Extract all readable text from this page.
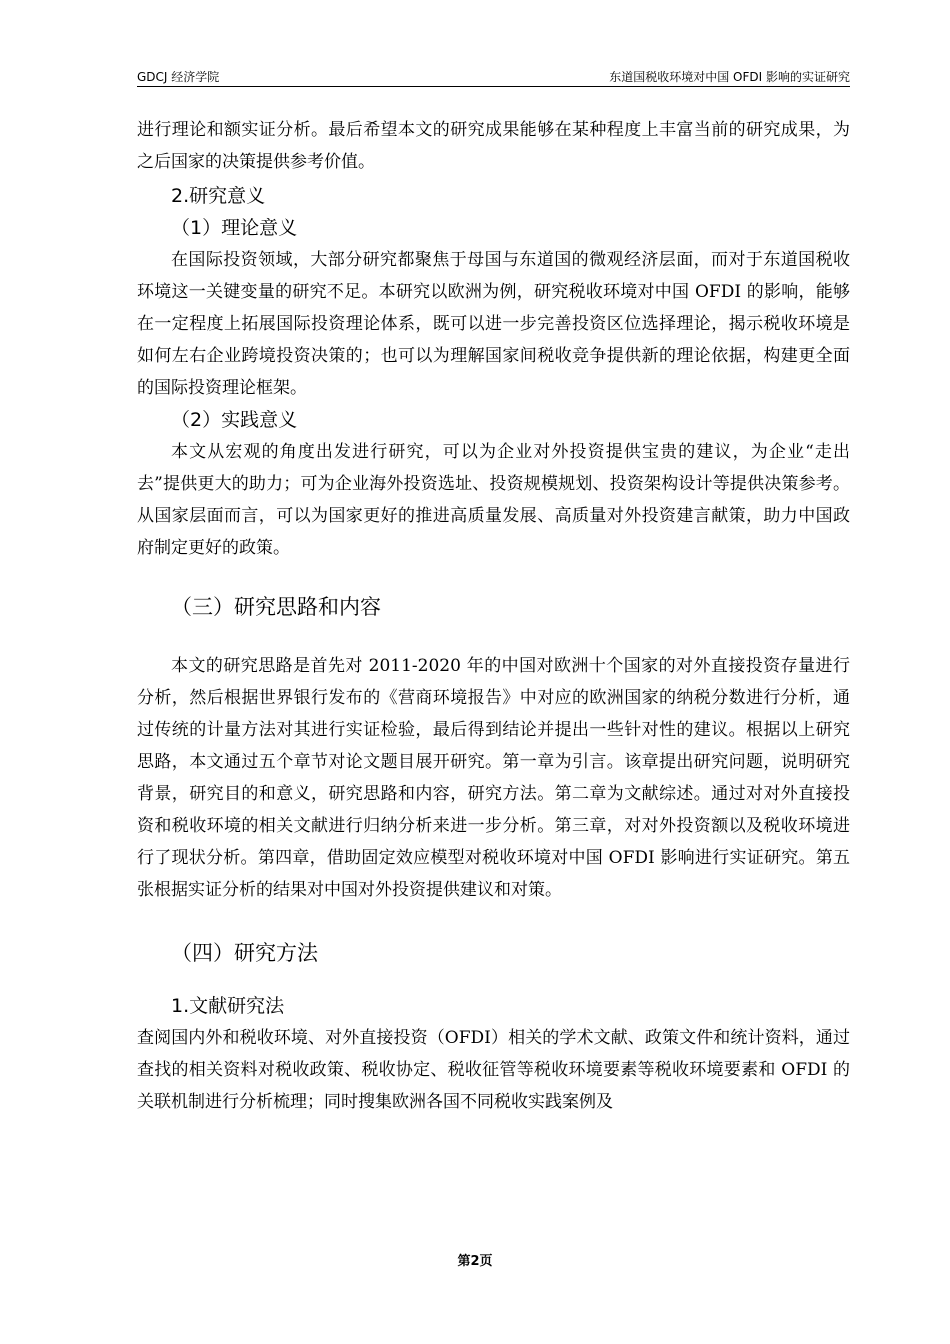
GDCJ 经济学院	东道国税收环境对中国 OFDI 影响的实证研究

进行理论和额实证分析。最后希望本文的研究成果能够在某种程度上丰富当前的研究成果，为之后国家的决策提供参考价值。

2.研究意义
（1）理论意义

在国际投资领域，大部分研究都聚焦于母国与东道国的微观经济层面，而对于东道国税收环境这一关键变量的研究不足。本研究以欧洲为例，研究税收环境对中国 OFDI 的影响，能够在一定程度上拓展国际投资理论体系，既可以进一步完善投资区位选择理论，揭示税收环境是如何左右企业跨境投资决策的；也可以为理解国家间税收竞争提供新的理论依据，构建更全面的国际投资理论框架。

（2）实践意义

本文从宏观的角度出发进行研究，可以为企业对外投资提供宝贵的建议，为企业“走出去”提供更大的助力；可为企业海外投资选址、投资规模规划、投资架构设计等提供决策参考。从国家层面而言，可以为国家更好的推进高质量发展、高质量对外投资建言献策，助力中国政府制定更好的政策。

（三）研究思路和内容

本文的研究思路是首先对 2011-2020 年的中国对欧洲十个国家的对外直接投资存量进行分析，然后根据世界银行发布的《营商环境报告》中对应的欧洲国家的纳税分数进行分析，通过传统的计量方法对其进行实证检验，最后得到结论并提出一些针对性的建议。根据以上研究思路，本文通过五个章节对论文题目展开研究。第一章为引言。该章提出研究问题，说明研究背景，研究目的和意义，研究思路和内容，研究方法。第二章为文献综述。通过对对外直接投资和税收环境的相关文献进行归纳分析来进一步分析。第三章，对对外投资额以及税收环境进行了现状分析。第四章，借助固定效应模型对税收环境对中国 OFDI 影响进行实证研究。第五张根据实证分析的结果对中国对外投资提供建议和对策。

（四）研究方法
1.文献研究法

查阅国内外和税收环境、对外直接投资（OFDI）相关的学术文献、政策文件和统计资料，通过查找的相关资料对税收政策、税收协定、税收征管等税收环境要素等税收环境要素和 OFDI 的关联机制进行分析梳理；同时搜集欧洲各国不同税收实践案例及

第2页
